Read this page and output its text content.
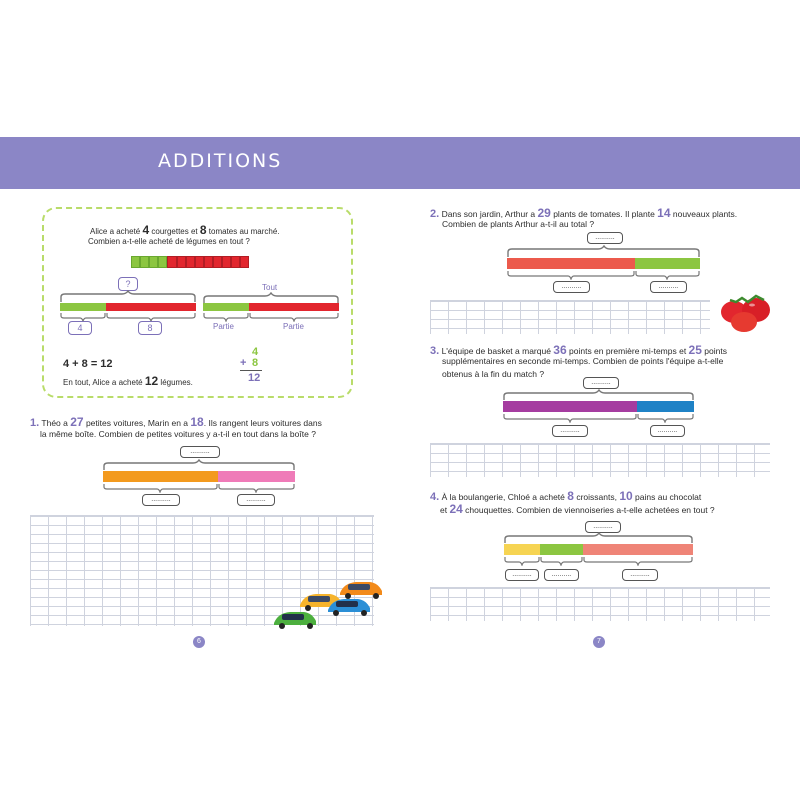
ADDITIONS
Alice a acheté 4 courgettes et 8 tomates au marché.
Combien a-t-elle acheté de légumes en tout ?
?
4	8
Tout
Partie	Partie
4 + 8 = 12
En tout, Alice a acheté 12 légumes.
4
+ 8
12
1. Théo a 27 petites voitures, Marin en a 18. Ils rangent leurs voitures dans
la même boîte. Combien de petites voitures y a-t-il en tout dans la boîte ?
..........
..........	..........
6
2. Dans son jardin, Arthur a 29 plants de tomates. Il plante 14 nouveaux plants.
Combien de plants Arthur a-t-il au total ?
..........
..........	..........
3. L'équipe de basket a marqué 36 points en première mi-temps et 25 points
supplémentaires en seconde mi-temps. Combien de points l'équipe a-t-elle
obtenus à la fin du match ?
..........
..........	..........
4. À la boulangerie, Chloé a acheté 8 croissants, 10 pains au chocolat
et 24 chouquettes. Combien de viennoiseries a-t-elle achetées en tout ?
..........
..........	..........	..........
7
